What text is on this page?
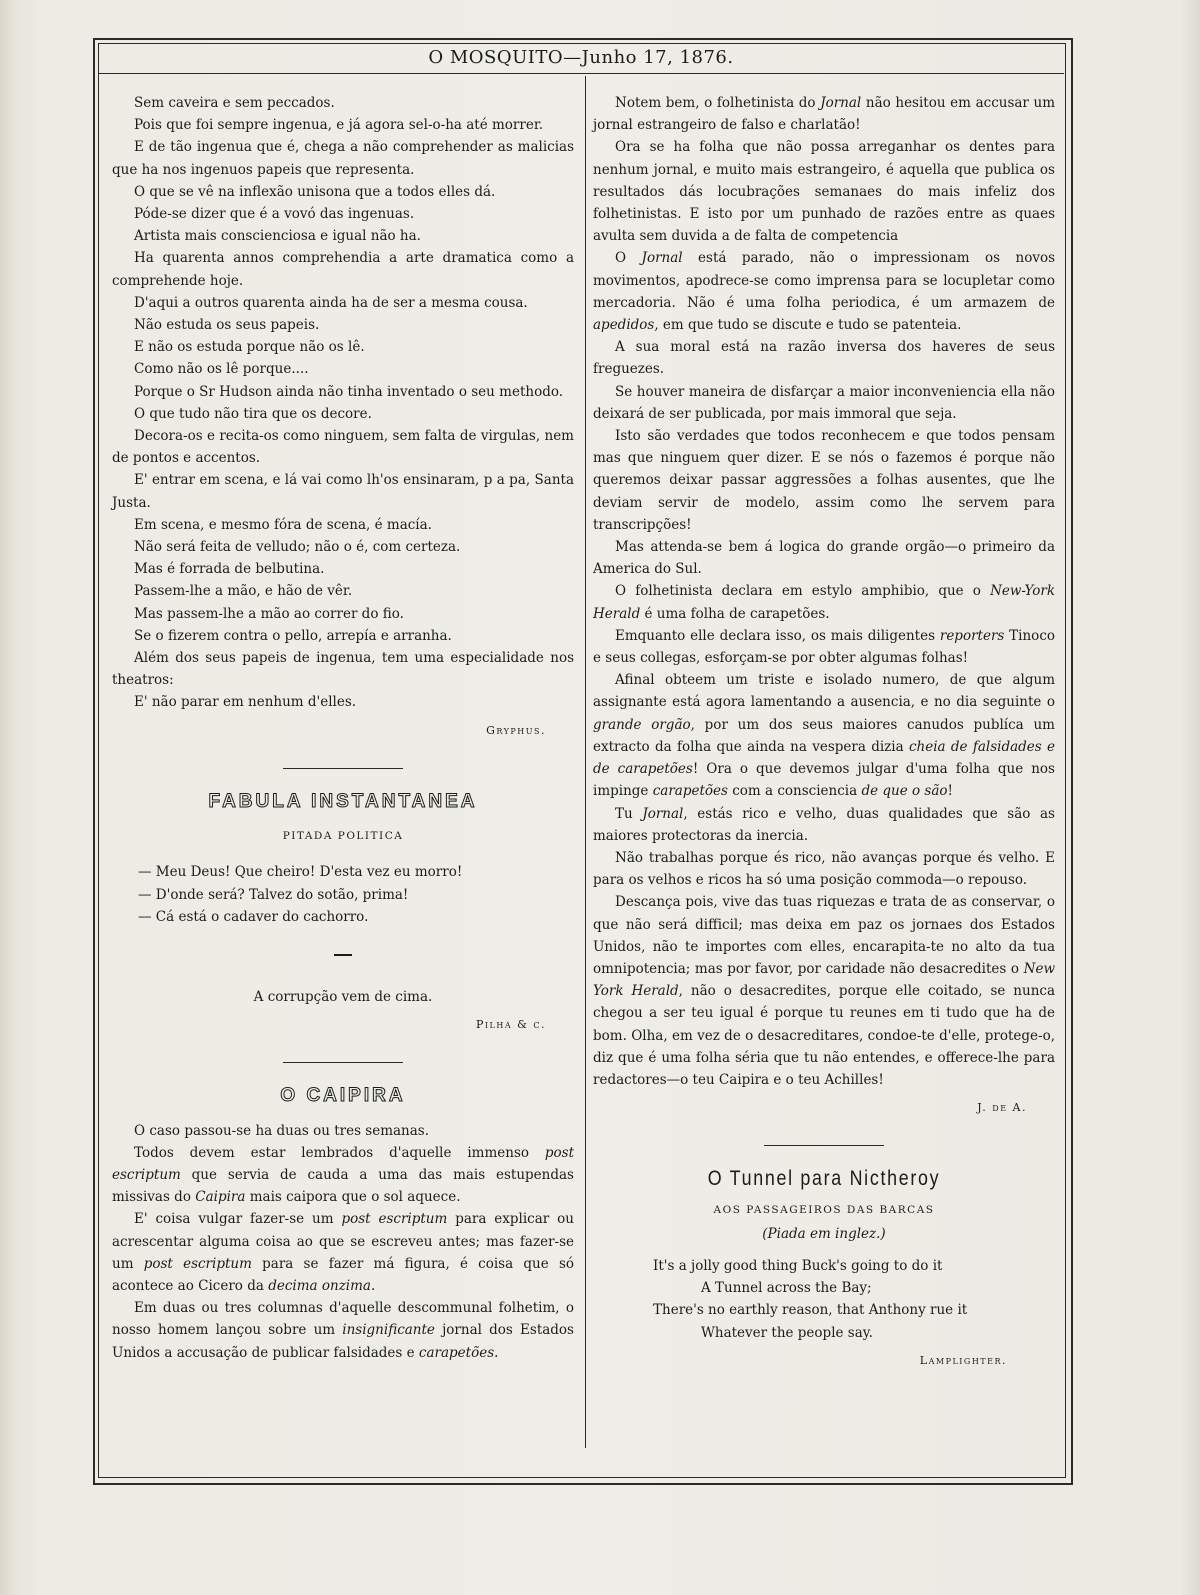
O MOSQUITO—Junho 17, 1876.

Sem caveira e sem peccados.

Pois que foi sempre ingenua, e já agora sel-o-ha até morrer.

E de tão ingenua que é, chega a não comprehender as malicias que ha nos ingenuos papeis que representa.

O que se vê na inflexão unisona que a todos elles dá.

Póde-se dizer que é a vovó das ingenuas.

Artista mais conscienciosa e igual não ha.

Ha quarenta annos comprehendia a arte dramatica como a comprehende hoje.

D'aqui a outros quarenta ainda ha de ser a mesma cousa.

Não estuda os seus papeis.

E não os estuda porque não os lê.

Como não os lê porque....

Porque o Sr Hudson ainda não tinha inventado o seu methodo.

O que tudo não tira que os decore.

Decora-os e recita-os como ninguem, sem falta de virgulas, nem de pontos e accentos.

E' entrar em scena, e lá vai como lh'os ensinaram, p a pa, Santa Justa.

Em scena, e mesmo fóra de scena, é macía.

Não será feita de velludo; não o é, com certeza.

Mas é forrada de belbutina.

Passem-lhe a mão, e hão de vêr.

Mas passem-lhe a mão ao correr do fio.

Se o fizerem contra o pello, arrepía e arranha.

Além dos seus papeis de ingenua, tem uma especialidade nos theatros:

E' não parar em nenhum d'elles.

Gryphus.

FABULA INSTANTANEA

PITADA POLITICA

— Meu Deus! Que cheiro! D'esta vez eu morro!

— D'onde será? Talvez do sotão, prima!

— Cá está o cadaver do cachorro.

A corrupção vem de cima.

Pilha & c.

O CAIPIRA

O caso passou-se ha duas ou tres semanas.

Todos devem estar lembrados d'aquelle immenso post escriptum que servia de cauda a uma das mais estupendas missivas do Caipira mais caipora que o sol aquece.

E' coisa vulgar fazer-se um post escriptum para explicar ou acrescentar alguma coisa ao que se escreveu antes; mas fazer-se um post escriptum para se fazer má figura, é coisa que só acontece ao Cicero da decima onzima.

Em duas ou tres columnas d'aquelle descommunal folhetim, o nosso homem lançou sobre um insignificante jornal dos Estados Unidos a accusação de publicar falsidades e carapetões.

Notem bem, o folhetinista do Jornal não hesitou em accusar um jornal estrangeiro de falso e charlatão!

Ora se ha folha que não possa arreganhar os dentes para nenhum jornal, e muito mais estrangeiro, é aquella que publica os resultados dás locubrações semanaes do mais infeliz dos folhetinistas. E isto por um punhado de razões entre as quaes avulta sem duvida a de falta de competencia

O Jornal está parado, não o impressionam os novos movimentos, apodrece-se como imprensa para se locupletar como mercadoria. Não é uma folha periodica, é um armazem de apedidos, em que tudo se discute e tudo se patenteia.

A sua moral está na razão inversa dos haveres de seus freguezes.

Se houver maneira de disfarçar a maior inconveniencia ella não deixará de ser publicada, por mais immoral que seja.

Isto são verdades que todos reconhecem e que todos pensam mas que ninguem quer dizer. E se nós o fazemos é porque não queremos deixar passar aggressões a folhas ausentes, que lhe deviam servir de modelo, assim como lhe servem para transcripções!

Mas attenda-se bem á logica do grande orgão—o primeiro da America do Sul.

O folhetinista declara em estylo amphibio, que o New-York Herald é uma folha de carapetões.

Emquanto elle declara isso, os mais diligentes reporters Tinoco e seus collegas, esforçam-se por obter algumas folhas!

Afinal obteem um triste e isolado numero, de que algum assignante está agora lamentando a ausencia, e no dia seguinte o grande orgão, por um dos seus maiores canudos publíca um extracto da folha que ainda na vespera dizia cheia de falsidades e de carapetões! Ora o que devemos julgar d'uma folha que nos impinge carapetões com a consciencia de que o são!

Tu Jornal, estás rico e velho, duas qualidades que são as maiores protectoras da inercia.

Não trabalhas porque és rico, não avanças porque és velho. E para os velhos e ricos ha só uma posição commoda—o repouso.

Descança pois, vive das tuas riquezas e trata de as conservar, o que não será difficil; mas deixa em paz os jornaes dos Estados Unidos, não te importes com elles, encarapita-te no alto da tua omnipotencia; mas por favor, por caridade não desacredites o New York Herald, não o desacredites, porque elle coitado, se nunca chegou a ser teu igual é porque tu reunes em ti tudo que ha de bom. Olha, em vez de o desacreditares, condoe-te d'elle, protege-o, diz que é uma folha séria que tu não entendes, e offerece-lhe para redactores—o teu Caipira e o teu Achilles!

J. de A.

O Tunnel para Nictheroy

AOS PASSAGEIROS DAS BARCAS

(Piada em inglez.)

It's a jolly good thing Buck's going to do it

A Tunnel across the Bay;

There's no earthly reason, that Anthony rue it

Whatever the people say.

Lamplighter.
